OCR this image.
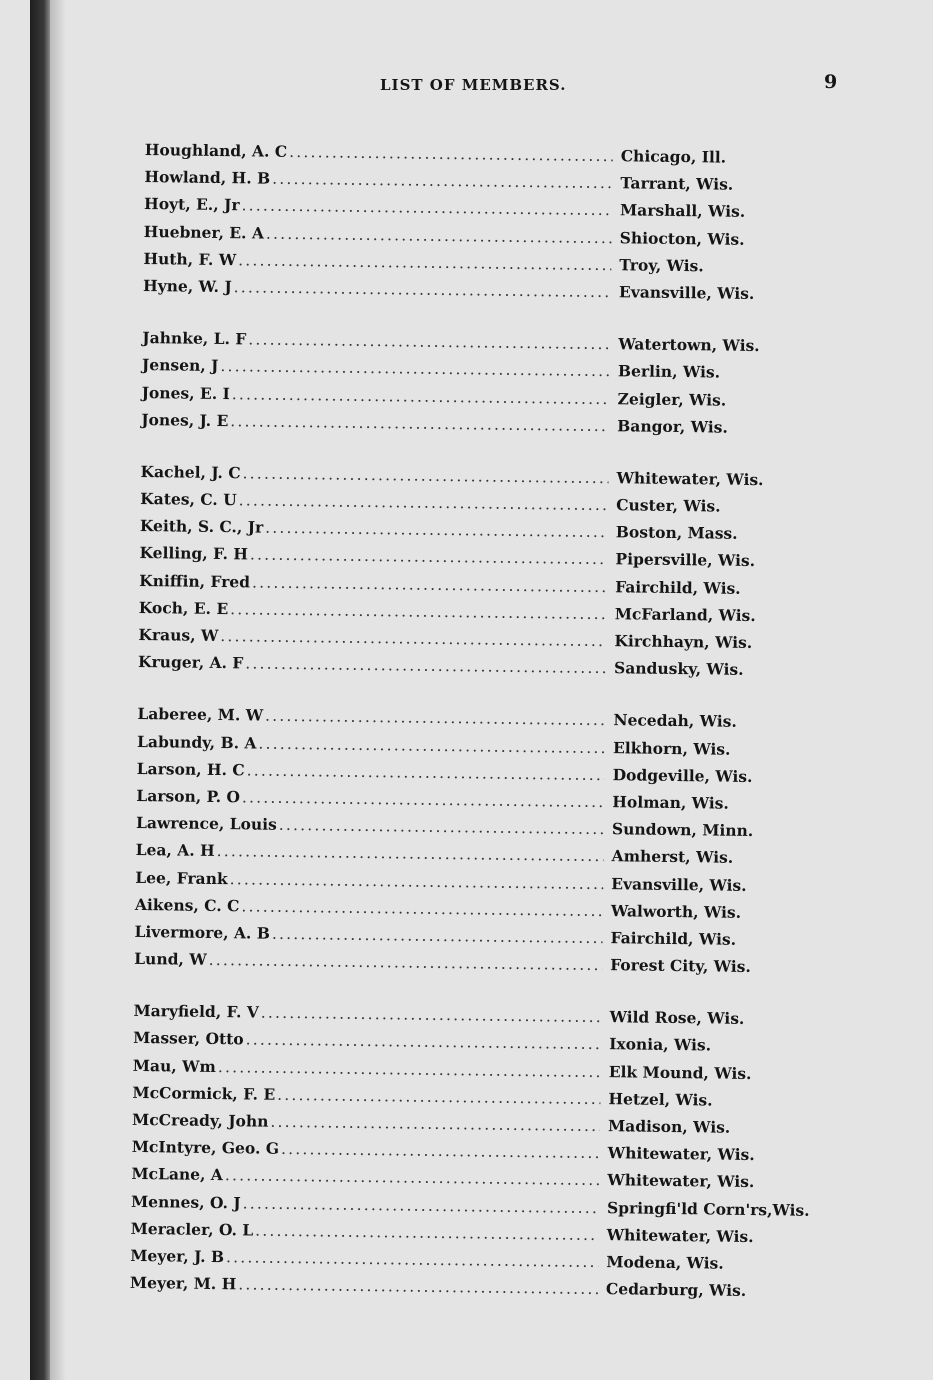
LIST OF MEMBERS.	9
Houghland, A. C .....	Chicago, Ill.
Howland, H. B .....	Tarrant, Wis.
Hoyt, E., Jr .....	Marshall, Wis.
Huebner, E. A .....	Shiocton, Wis.
Huth, F. W .....	Troy, Wis.
Hyne, W. J .....	Evansville, Wis.
Jahnke, L. F .....	Watertown, Wis.
Jensen, J .....	Berlin, Wis.
Jones, E. I .....	Zeigler, Wis.
Jones, J. E .....	Bangor, Wis.
Kachel, J. C .....	Whitewater, Wis.
Kates, C. U .....	Custer, Wis.
Keith, S. C., Jr .....	Boston, Mass.
Kelling, F. H .....	Pipersville, Wis.
Kniffin, Fred .....	Fairchild, Wis.
Koch, E. E .....	McFarland, Wis.
Kraus, W .....	Kirchhayn, Wis.
Kruger, A. F .....	Sandusky, Wis.
Laberee, M. W .....	Necedah, Wis.
Labundy, B. A .....	Elkhorn, Wis.
Larson, H. C .....	Dodgeville, Wis.
Larson, P. O .....	Holman, Wis.
Lawrence, Louis .....	Sundown, Minn.
Lea, A. H .....	Amherst, Wis.
Lee, Frank .....	Evansville, Wis.
Aikens, C. C .....	Walworth, Wis.
Livermore, A. B .....	Fairchild, Wis.
Lund, W .....	Forest City, Wis.
Maryfield, F. V .....	Wild Rose, Wis.
Masser, Otto .....	Ixonia, Wis.
Mau, Wm .....	Elk Mound, Wis.
McCormick, F. E .....	Hetzel, Wis.
McCready, John .....	Madison, Wis.
McIntyre, Geo. G .....	Whitewater, Wis.
McLane, A .....	Whitewater, Wis.
Mennes, O. J .....	Springfi'ld Corn'rs,Wis.
Meracler, O. L .....	Whitewater, Wis.
Meyer, J. B .....	Modena, Wis.
Meyer, M. H .....	Cedarburg, Wis.
